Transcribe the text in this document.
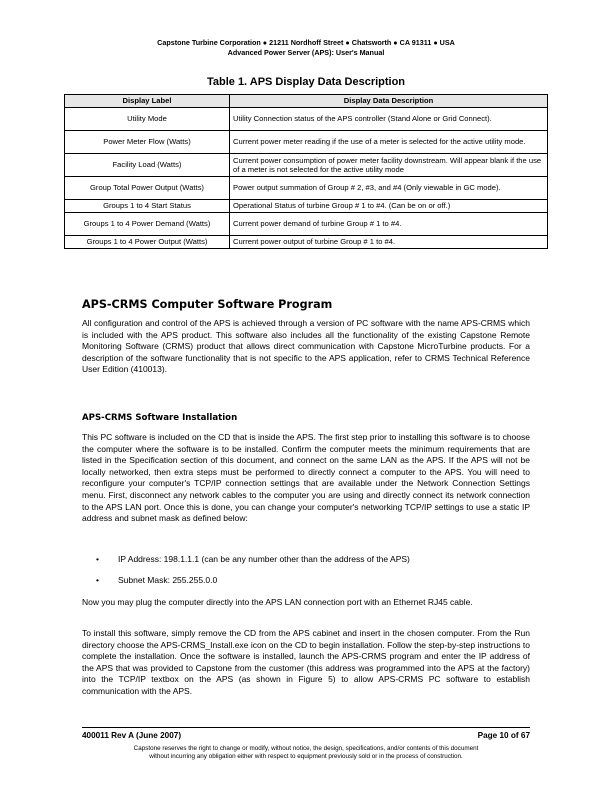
Capstone Turbine Corporation ● 21211 Nordhoff Street ● Chatsworth ● CA 91311 ● USA
Advanced Power Server (APS): User's Manual
Table 1. APS Display Data Description
Display Label	Display Data Description
Utility Mode	Utility Connection status of the APS controller (Stand Alone or Grid Connect).
Power Meter Flow (Watts)	Current power meter reading if the use of a meter is selected for the active utility mode.
Facility Load (Watts)	Current power consumption of power meter facility downstream. Will appear blank if the use of a meter is not selected for the active utility mode
Group Total Power Output (Watts)	Power output summation of Group # 2, #3, and #4 (Only viewable in GC mode).
Groups 1 to 4 Start Status	Operational Status of turbine Group # 1 to #4. (Can be on or off.)
Groups 1 to 4 Power Demand (Watts)	Current power demand of turbine Group # 1 to #4.
Groups 1 to 4 Power Output (Watts)	Current power output of turbine Group # 1 to #4.
APS-CRMS Computer Software Program

All configuration and control of the APS is achieved through a version of PC software with the name APS-CRMS which is included with the APS product. This software also includes all the functionality of the existing Capstone Remote Monitoring Software (CRMS) product that allows direct communication with Capstone MicroTurbine products. For a description of the software functionality that is not specific to the APS application, refer to CRMS Technical Reference User Edition (410013).

APS-CRMS Software Installation

This PC software is included on the CD that is inside the APS. The first step prior to installing this software is to choose the computer where the software is to be installed. Confirm the computer meets the minimum requirements that are listed in the Specification section of this document, and connect on the same LAN as the APS. If the APS will not be locally networked, then extra steps must be performed to directly connect a computer to the APS. You will need to reconfigure your computer's TCP/IP connection settings that are available under the Network Connection Settings menu. First, disconnect any network cables to the computer you are using and directly connect its network connection to the APS LAN port. Once this is done, you can change your computer's networking TCP/IP settings to use a static IP address and subnet mask as defined below:

• IP Address: 198.1.1.1 (can be any number other than the address of the APS)
• Subnet Mask: 255.255.0.0

Now you may plug the computer directly into the APS LAN connection port with an Ethernet RJ45 cable.

To install this software, simply remove the CD from the APS cabinet and insert in the chosen computer. From the Run directory choose the APS-CRMS_Install.exe icon on the CD to begin installation. Follow the step-by-step instructions to complete the installation. Once the software is installed, launch the APS-CRMS program and enter the IP address of the APS that was provided to Capstone from the customer (this address was programmed into the APS at the factory) into the TCP/IP textbox on the APS (as shown in Figure 5) to allow APS-CRMS PC software to establish communication with the APS.

400011 Rev A (June 2007)	Page 10 of 67
Capstone reserves the right to change or modify, without notice, the design, specifications, and/or contents of this document
without incurring any obligation either with respect to equipment previously sold or in the process of construction.
